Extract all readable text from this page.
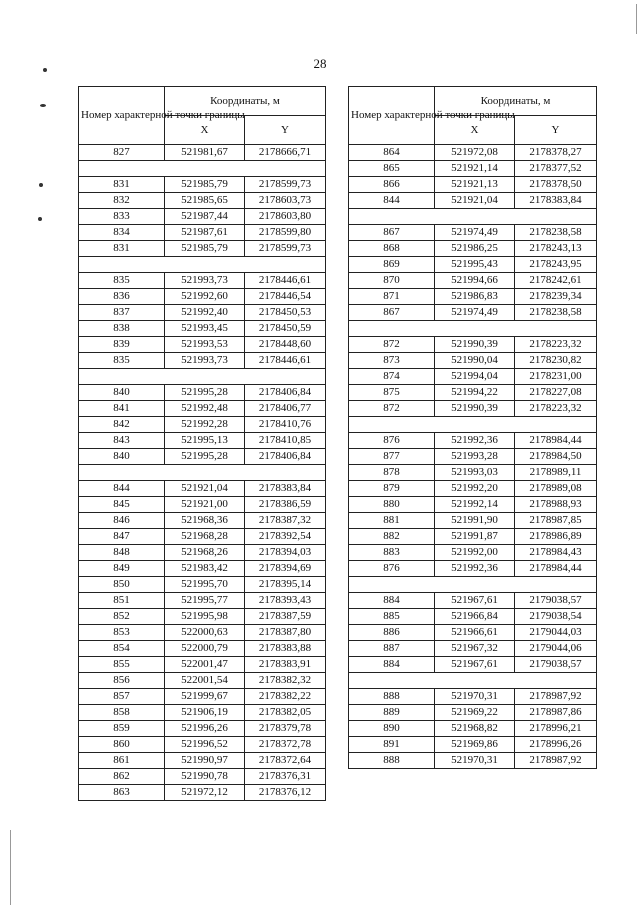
28
Номер характерной точки границы	Координаты, м	
	X	Y
827	521981,67	2178666,71

831	521985,79	2178599,73
832	521985,65	2178603,73
833	521987,44	2178603,80
834	521987,61	2178599,80
831	521985,79	2178599,73

835	521993,73	2178446,61
836	521992,60	2178446,54
837	521992,40	2178450,53
838	521993,45	2178450,59
839	521993,53	2178448,60
835	521993,73	2178446,61

840	521995,28	2178406,84
841	521992,48	2178406,77
842	521992,28	2178410,76
843	521995,13	2178410,85
840	521995,28	2178406,84

844	521921,04	2178383,84
845	521921,00	2178386,59
846	521968,36	2178387,32
847	521968,28	2178392,54
848	521968,26	2178394,03
849	521983,42	2178394,69
850	521995,70	2178395,14
851	521995,77	2178393,43
852	521995,98	2178387,59
853	522000,63	2178387,80
854	522000,79	2178383,88
855	522001,47	2178383,91
856	522001,54	2178382,32
857	521999,67	2178382,22
858	521906,19	2178382,05
859	521996,26	2178379,78
860	521996,52	2178372,78
861	521990,97	2178372,64
862	521990,78	2178376,31
863	521972,12	2178376,12
Номер характерной точки границы	Координаты, м	
	X	Y
864	521972,08	2178378,27
865	521921,14	2178377,52
866	521921,13	2178378,50
844	521921,04	2178383,84

867	521974,49	2178238,58
868	521986,25	2178243,13
869	521995,43	2178243,95
870	521994,66	2178242,61
871	521986,83	2178239,34
867	521974,49	2178238,58

872	521990,39	2178223,32
873	521990,04	2178230,82
874	521994,04	2178231,00
875	521994,22	2178227,08
872	521990,39	2178223,32

876	521992,36	2178984,44
877	521993,28	2178984,50
878	521993,03	2178989,11
879	521992,20	2178989,08
880	521992,14	2178988,93
881	521991,90	2178987,85
882	521991,87	2178986,89
883	521992,00	2178984,43
876	521992,36	2178984,44

884	521967,61	2179038,57
885	521966,84	2179038,54
886	521966,61	2179044,03
887	521967,32	2179044,06
884	521967,61	2179038,57

888	521970,31	2178987,92
889	521969,22	2178987,86
890	521968,82	2178996,21
891	521969,86	2178996,26
888	521970,31	2178987,92
